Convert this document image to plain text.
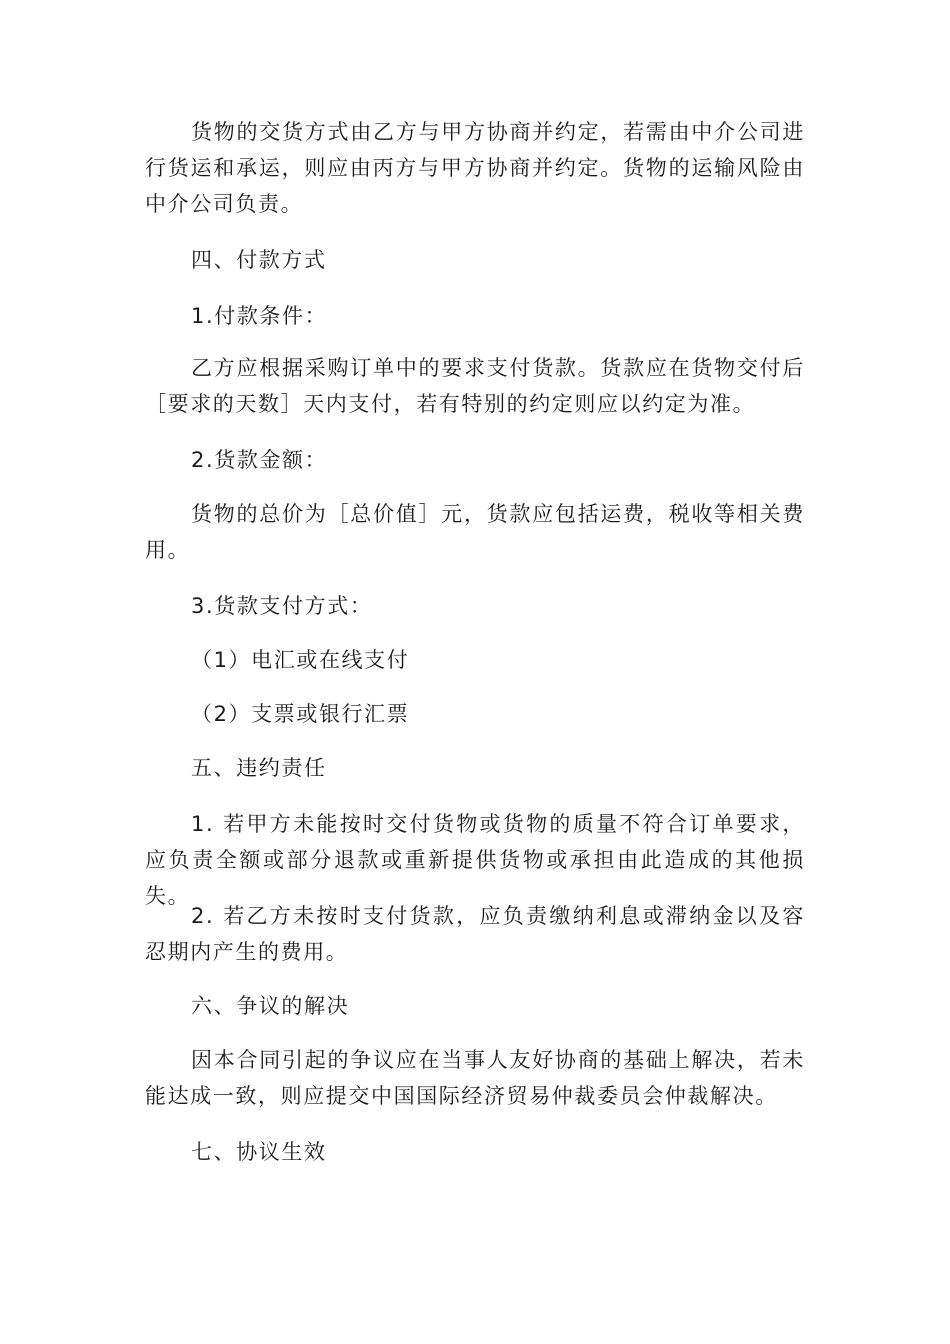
货物的交货方式由乙方与甲方协商并约定，若需由中介公司进行货运和承运，则应由丙方与甲方协商并约定。货物的运输风险由中介公司负责。

四、付款方式

1.付款条件：

乙方应根据采购订单中的要求支付货款。货款应在货物交付后［要求的天数］天内支付，若有特别的约定则应以约定为准。

2.货款金额：

货物的总价为［总价值］元，货款应包括运费，税收等相关费用。

3.货款支付方式：

（1）电汇或在线支付

（2）支票或银行汇票

五、违约责任

1. 若甲方未能按时交付货物或货物的质量不符合订单要求，应负责全额或部分退款或重新提供货物或承担由此造成的其他损失。

2. 若乙方未按时支付货款，应负责缴纳利息或滞纳金以及容忍期内产生的费用。

六、争议的解决

因本合同引起的争议应在当事人友好协商的基础上解决，若未能达成一致，则应提交中国国际经济贸易仲裁委员会仲裁解决。

七、协议生效
